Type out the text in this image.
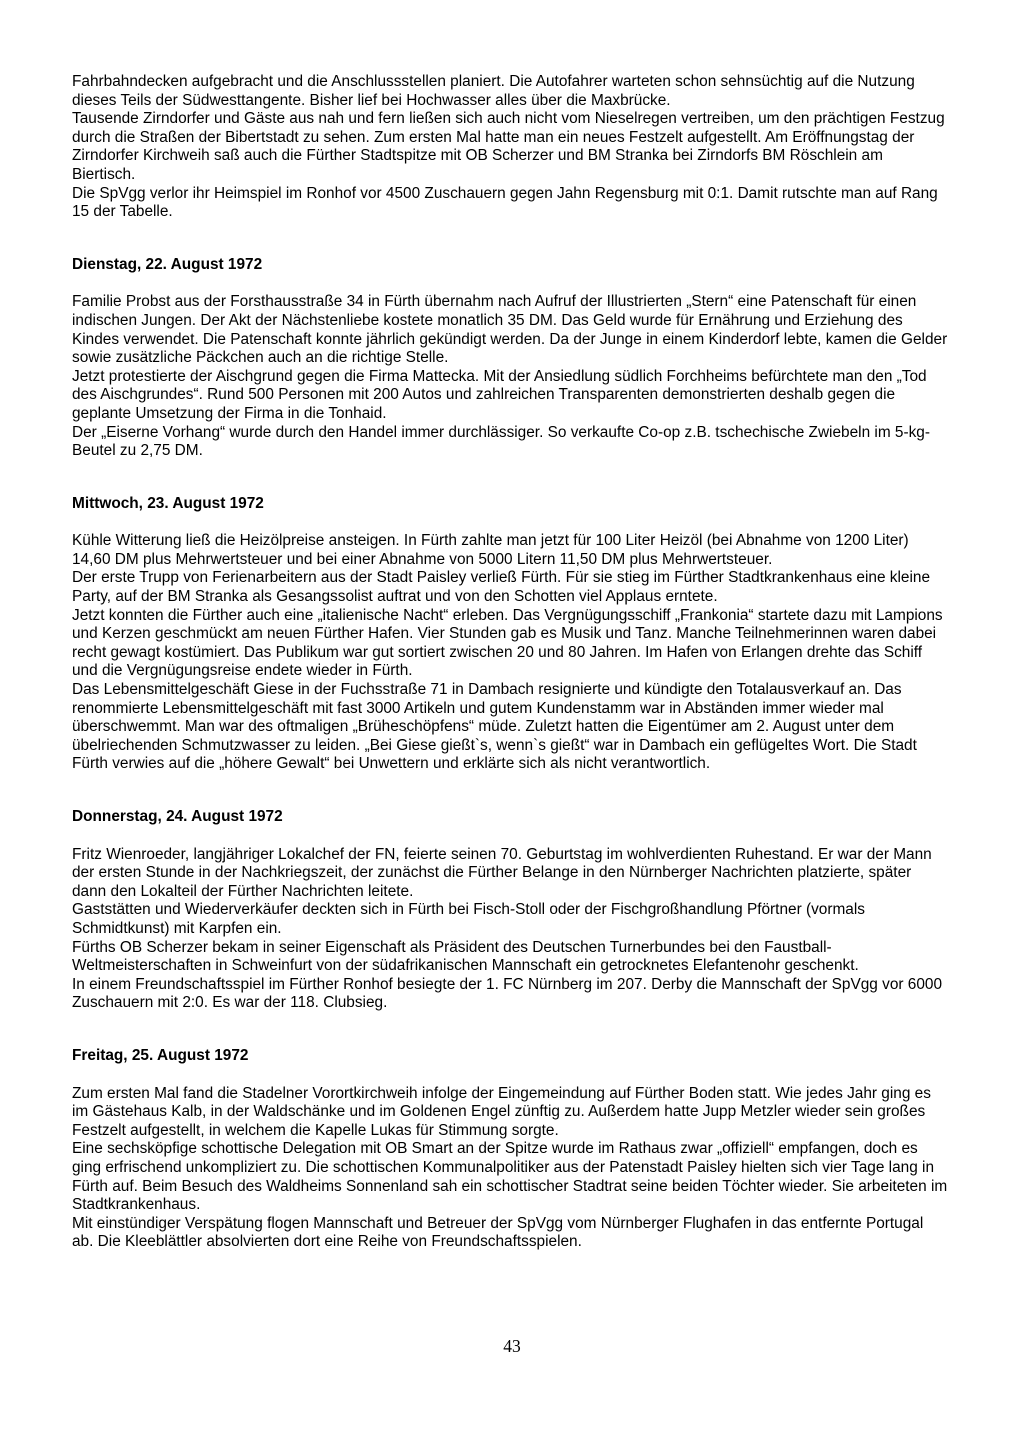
Fahrbahndecken aufgebracht und die Anschlussstellen planiert. Die Autofahrer warteten schon sehnsüchtig auf die Nutzung dieses Teils der Südwesttangente. Bisher lief bei Hochwasser alles über die Maxbrücke.

Tausende Zirndorfer und Gäste aus nah und fern ließen sich auch nicht vom Nieselregen vertreiben, um den prächtigen Festzug durch die Straßen der Bibertstadt zu sehen. Zum ersten Mal hatte man ein neues Festzelt aufgestellt. Am Eröffnungstag der Zirndorfer Kirchweih saß auch die Fürther Stadtspitze mit OB Scherzer und BM Stranka bei Zirndorfs BM Röschlein am Biertisch.

Die SpVgg verlor ihr Heimspiel im Ronhof vor 4500 Zuschauern gegen Jahn Regensburg mit 0:1. Damit rutschte man auf Rang 15 der Tabelle.

Dienstag, 22. August 1972

Familie Probst aus der Forsthausstraße 34 in Fürth übernahm nach Aufruf der Illustrierten „Stern“ eine Patenschaft für einen indischen Jungen. Der Akt der Nächstenliebe kostete monatlich 35 DM. Das Geld wurde für Ernährung und Erziehung des Kindes verwendet. Die Patenschaft konnte jährlich gekündigt werden. Da der Junge in einem Kinderdorf lebte, kamen die Gelder sowie zusätzliche Päckchen auch an die richtige Stelle.

Jetzt protestierte der Aischgrund gegen die Firma Mattecka. Mit der Ansiedlung südlich Forchheims befürchtete man den „Tod des Aischgrundes“. Rund 500 Personen mit 200 Autos und zahlreichen Transparenten demonstrierten deshalb gegen die geplante Umsetzung der Firma in die Tonhaid.

Der „Eiserne Vorhang“ wurde durch den Handel immer durchlässiger. So verkaufte Co-op z.B. tschechische Zwiebeln im 5-kg-Beutel zu 2,75 DM.

Mittwoch, 23. August 1972

Kühle Witterung ließ die Heizölpreise ansteigen. In Fürth zahlte man jetzt für 100 Liter Heizöl (bei Abnahme von 1200 Liter) 14,60 DM plus Mehrwertsteuer und bei einer Abnahme von 5000 Litern 11,50 DM plus Mehrwertsteuer.

Der erste Trupp von Ferienarbeitern aus der Stadt Paisley verließ Fürth. Für sie stieg im Fürther Stadtkrankenhaus eine kleine Party, auf der BM Stranka als Gesangssolist auftrat und von den Schotten viel Applaus erntete.

Jetzt konnten die Fürther auch eine „italienische Nacht“ erleben. Das Vergnügungsschiff „Frankonia“ startete dazu mit Lampions und Kerzen geschmückt am neuen Fürther Hafen. Vier Stunden gab es Musik und Tanz. Manche Teilnehmerinnen waren dabei recht gewagt kostümiert. Das Publikum war gut sortiert zwischen 20 und 80 Jahren. Im Hafen von Erlangen drehte das Schiff und die Vergnügungsreise endete wieder in Fürth.

Das Lebensmittelgeschäft Giese in der Fuchsstraße 71 in Dambach resignierte und kündigte den Totalausverkauf an. Das renommierte Lebensmittelgeschäft mit fast 3000 Artikeln und gutem Kundenstamm war in Abständen immer wieder mal überschwemmt. Man war des oftmaligen „Brüheschöpfens“ müde. Zuletzt hatten die Eigentümer am 2. August unter dem übelriechenden Schmutzwasser zu leiden. „Bei Giese gießt`s, wenn`s gießt“ war in Dambach ein geflügeltes Wort. Die Stadt Fürth verwies auf die „höhere Gewalt“ bei Unwettern und erklärte sich als nicht verantwortlich.

Donnerstag, 24. August 1972

Fritz Wienroeder, langjähriger Lokalchef der FN, feierte seinen 70. Geburtstag im wohlverdienten Ruhestand. Er war der Mann der ersten Stunde in der Nachkriegszeit, der zunächst die Fürther Belange in den Nürnberger Nachrichten platzierte, später dann den Lokalteil der Fürther Nachrichten leitete.

Gaststätten und Wiederverkäufer deckten sich in Fürth bei Fisch-Stoll oder der Fischgroßhandlung Pförtner (vormals Schmidtkunst) mit Karpfen ein.

Fürths OB Scherzer bekam in seiner Eigenschaft als Präsident des Deutschen Turnerbundes bei den Faustball-Weltmeisterschaften in Schweinfurt von der südafrikanischen Mannschaft ein getrocknetes Elefantenohr geschenkt.

In einem Freundschaftsspiel im Fürther Ronhof besiegte der 1. FC Nürnberg im 207. Derby die Mannschaft der SpVgg vor 6000 Zuschauern mit 2:0. Es war der 118. Clubsieg.

Freitag, 25. August 1972

Zum ersten Mal fand die Stadelner Vorortkirchweih infolge der Eingemeindung auf Fürther Boden statt. Wie jedes Jahr ging es im Gästehaus Kalb, in der Waldschänke und im Goldenen Engel zünftig zu. Außerdem hatte Jupp Metzler wieder sein großes Festzelt aufgestellt, in welchem die Kapelle Lukas für Stimmung sorgte.

Eine sechsköpfige schottische Delegation mit OB Smart an der Spitze wurde im Rathaus zwar „offiziell“ empfangen, doch es ging erfrischend unkompliziert zu. Die schottischen Kommunalpolitiker aus der Patenstadt Paisley hielten sich vier Tage lang in Fürth auf. Beim Besuch des Waldheims Sonnenland sah ein schottischer Stadtrat seine beiden Töchter wieder. Sie arbeiteten im Stadtkrankenhaus.

Mit einstündiger Verspätung flogen Mannschaft und Betreuer der SpVgg vom Nürnberger Flughafen in das entfernte Portugal ab. Die Kleeblättler absolvierten dort eine Reihe von Freundschaftsspielen.

43
